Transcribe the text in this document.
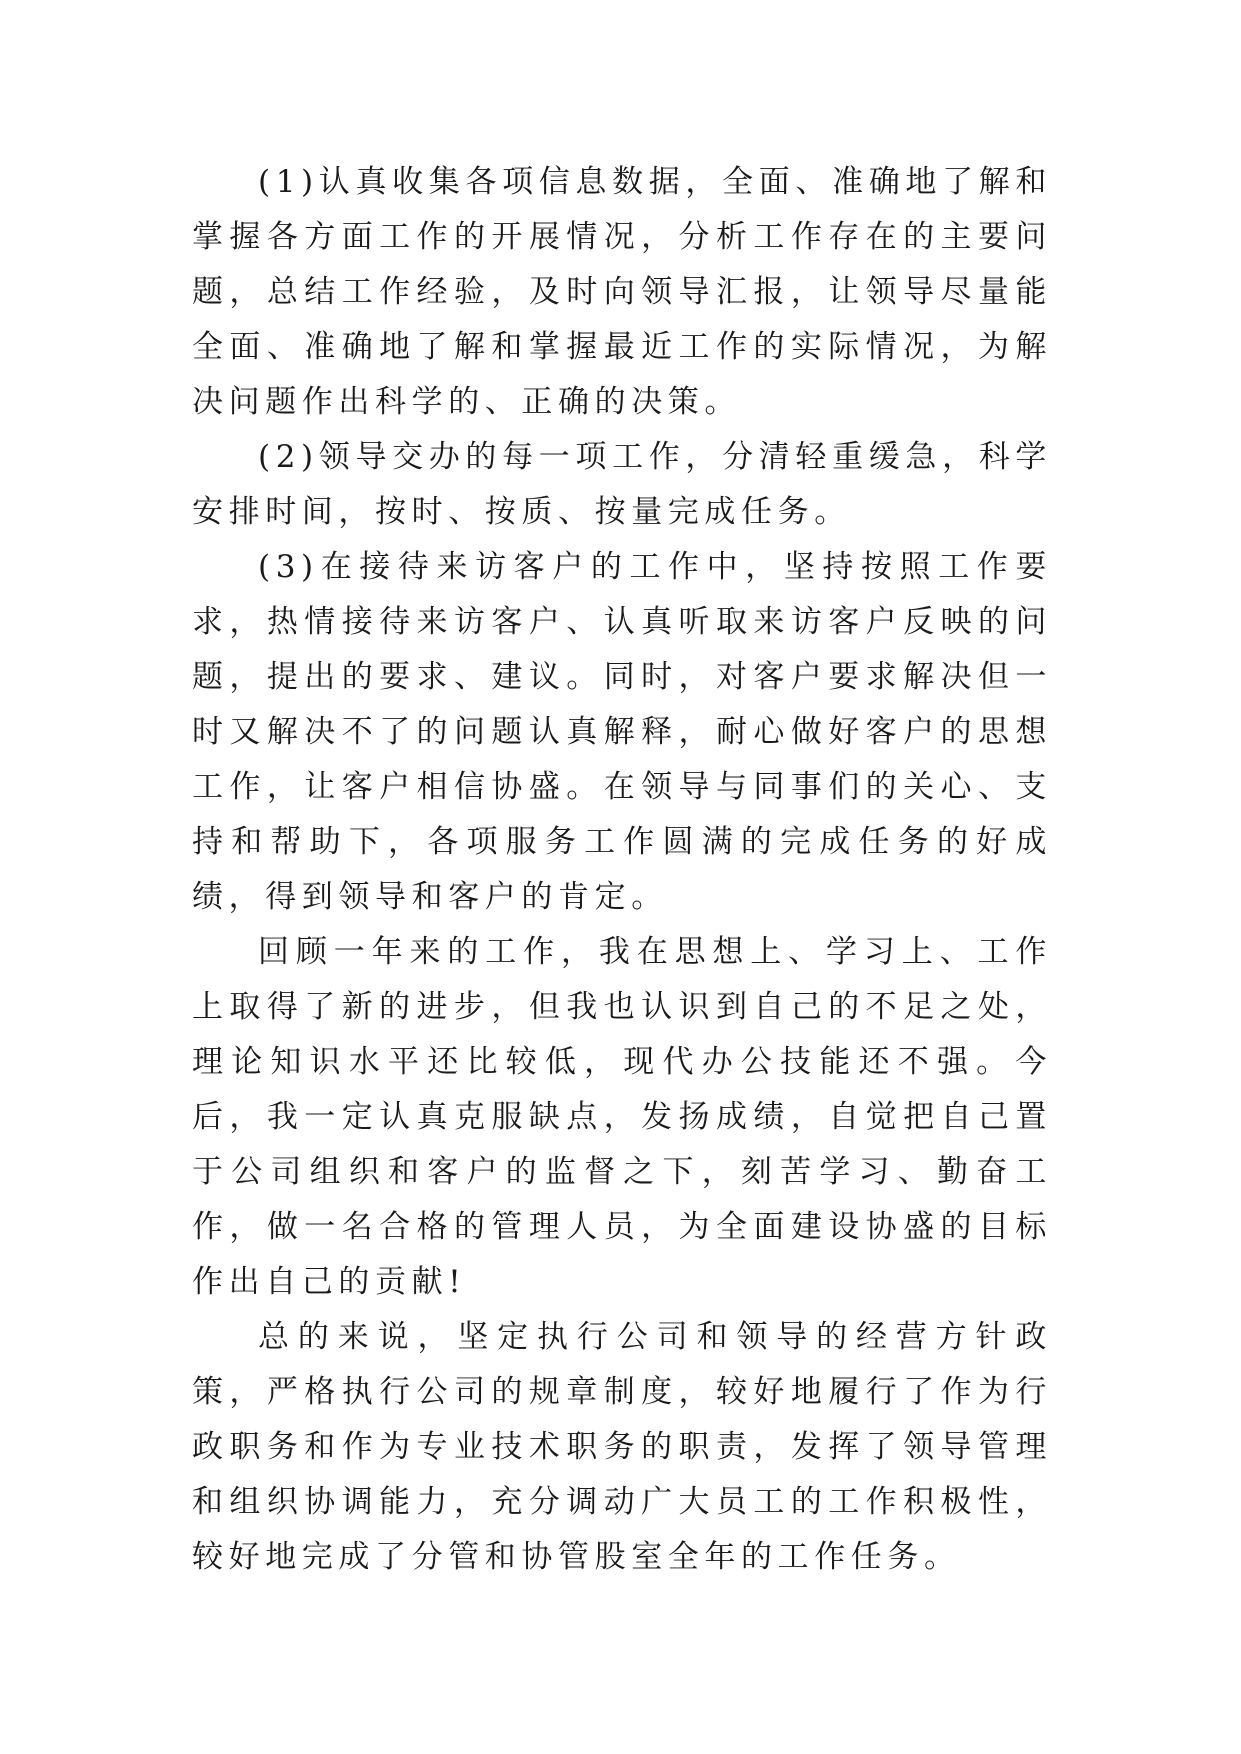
(1)认真收集各项信息数据，全面、准确地了解和掌握各方面工作的开展情况，分析工作存在的主要问题，总结工作经验，及时向领导汇报，让领导尽量能全面、准确地了解和掌握最近工作的实际情况，为解决问题作出科学的、正确的决策。

(2)领导交办的每一项工作，分清轻重缓急，科学安排时间，按时、按质、按量完成任务。

(3)在接待来访客户的工作中，坚持按照工作要求，热情接待来访客户、认真听取来访客户反映的问题，提出的要求、建议。同时，对客户要求解决但一时又解决不了的问题认真解释，耐心做好客户的思想工作，让客户相信协盛。在领导与同事们的关心、支持和帮助下，各项服务工作圆满的完成任务的好成绩，得到领导和客户的肯定。

回顾一年来的工作，我在思想上、学习上、工作上取得了新的进步，但我也认识到自己的不足之处，理论知识水平还比较低，现代办公技能还不强。今后，我一定认真克服缺点，发扬成绩，自觉把自己置于公司组织和客户的监督之下，刻苦学习、勤奋工作，做一名合格的管理人员，为全面建设协盛的目标作出自己的贡献!

总的来说，坚定执行公司和领导的经营方针政策，严格执行公司的规章制度，较好地履行了作为行政职务和作为专业技术职务的职责，发挥了领导管理和组织协调能力，充分调动广大员工的工作积极性，较好地完成了分管和协管股室全年的工作任务。
